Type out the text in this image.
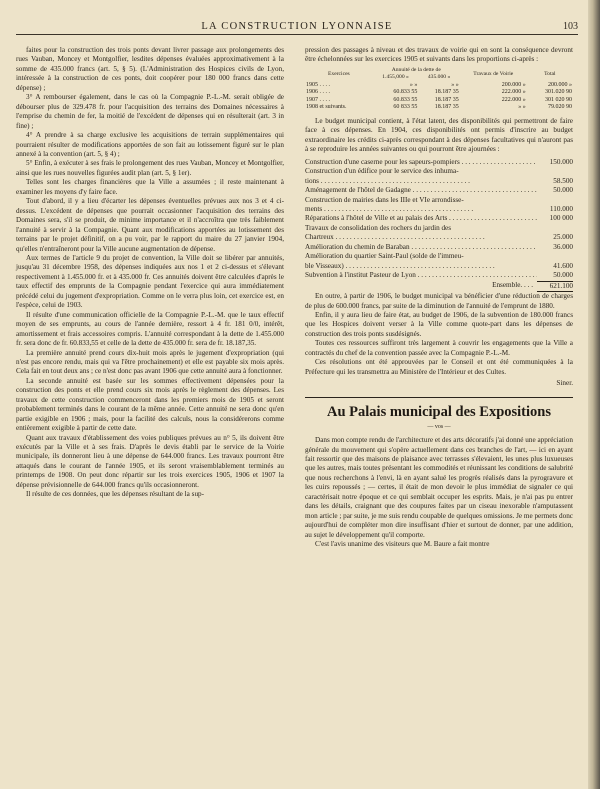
LA CONSTRUCTION LYONNAISE	103

faites pour la construction des trois ponts devant livrer passage aux prolongements des rues Vauban, Moncey et Montgolfier, lesdites dépenses évaluées approximativement à la somme de 435.000 francs (art. 5, § 5). (L'Administration des Hospices civils de Lyon, intéressée à la construction de ces ponts, doit coopérer pour 180 000 francs dans cette dépense) ;

3° A rembourser également, dans le cas où la Compagnie P.-L.-M. serait obligée de débourser plus de 329.478 fr. pour l'acquisition des terrains des Domaines nécessaires à l'emprise du chemin de fer, la moitié de l'excédent de dépenses qui en résulterait (art. 3 in fine) ;

4° A prendre à sa charge exclusive les acquisitions de terrain supplémentaires qui pourraient résulter de modifications apportées de son fait au lotissement figuré sur le plan annexé à la convention (art. 5, § 4) ;

5° Enfin, à exécuter à ses frais le prolongement des rues Vauban, Moncey et Montgolfier, ainsi que les rues nouvelles figurées audit plan (art. 5, § 1er).

Telles sont les charges financières que la Ville a assumées ; il reste maintenant à examiner les moyens d'y faire face.

Tout d'abord, il y a lieu d'écarter les dépenses éventuelles prévues aux nos 3 et 4 ci-dessus. L'excédent de dépenses que pourrait occasionner l'acquisition des terrains des Domaines sera, s'il se produit, de minime importance et il n'accroîtra que très faiblement l'annuité à servir à la Compagnie. Quant aux modifications apportées au lotissement des terrains par le projet définitif, on a pu voir, par le rapport du maire du 27 janvier 1904, qu'elles n'entraîneront pour la Ville aucune augmentation de dépense.

Aux termes de l'article 9 du projet de convention, la Ville doit se libérer par annuités, jusqu'au 31 décembre 1958, des dépenses indiquées aux nos 1 et 2 ci-dessus et s'élevant respectivement à 1.455.000 fr. et à 435.000 fr. Ces annuités doivent être calculées d'après le taux effectif des emprunts de la Compagnie pendant l'exercice qui aura immédiatement précédé celui du jugement d'expropriation. Comme on le verra plus loin, cet exercice est, en l'espèce, celui de 1903.

Il résulte d'une communication officielle de la Compagnie P.-L.-M. que le taux effectif moyen de ses emprunts, au cours de l'année dernière, ressort à 4 fr. 181 0/0, intérêt, amortissement et frais accessoires compris. L'annuité correspondant à la dette de 1.455.000 fr. sera donc de fr. 60.833,55 et celle de la dette de 435.000 fr. sera de fr. 18.187,35.

La première annuité prend cours dix-huit mois après le jugement d'expropriation (qui n'est pas encore rendu, mais qui va l'être prochainement) et elle est payable six mois après. Cela fait en tout deux ans ; ce n'est donc pas avant 1906 que cette annuité aura à fonctionner.

La seconde annuité est basée sur les sommes effectivement dépensées pour la construction des ponts et elle prend cours six mois après le règlement des dépenses. Les travaux de cette construction commenceront dans les premiers mois de 1905 et seront probablement terminés dans le courant de la même année. Cette annuité ne sera donc qu'en partie exigible en 1906 ; mais, pour la facilité des calculs, nous la considérerons comme entièrement exigible à partir de cette date.

Quant aux travaux d'établissement des voies publiques prévues au n° 5, ils doivent être exécutés par la Ville et à ses frais. D'après le devis établi par le service de la Voirie municipale, ils donneront lieu à une dépense de 644.000 francs. Les travaux pourront être attaqués dans le courant de l'année 1905, et ils seront vraisemblablement terminés au printemps de 1908. On peut donc répartir sur les trois exercices 1905, 1906 et 1907 la dépense prévisionnelle de 644.000 francs qu'ils occasionneront.

Il résulte de ces données, que les dépenses résultant de la sup-

pression des passages à niveau et des travaux de voirie qui en sont la conséquence devront être échelonnées sur les exercices 1905 et suivants dans les proportions ci-après :

Exercices	Annuité de la dette de		Travaux de Voirie	Total
	1.455,000 »	435.000 »		
1905 . . . .	» »	» »	200.000 »	200.000 »
1906 . . . .	60.833 55	18.187 35	222.000 »	301.020 90
1907 . . . .	60.833 55	18.187 35	222.000 »	301 020 90
1908 et suivants.	60 833 55	18.187 35	» »	79.020 90

Le budget municipal contient, à l'état latent, des disponibilités qui permettront de faire face à ces dépenses. En 1904, ces disponibilités ont permis d'inscrire au budget extraordinaire les crédits ci-après correspondant à des dépenses facultatives qui n'auront pas à se reproduire les années suivantes ou qui pourront être ajournées :

Construction d'une caserne pour les sapeurs-pompiers . . .	150.000
Construction d'un édifice pour le service des inhuma-
tions . . .	58.500
Aménagement de l'hôtel de Gadagne . . .	50.000
Construction de mairies dans les IIIe et VIe arrondisse-
ments . . .	110.000
Réparations à l'hôtel de Ville et au palais des Arts . . .	100 000
Travaux de consolidation des rochers du jardin des
Chartreux . . .	25.000
Amélioration du chemin de Baraban . . .	36.000
Amélioration du quartier Saint-Paul (solde de l'immeu-
ble Visseaux) . . .	41.600
Subvention à l'institut Pasteur de Lyon . . .	50.000
Ensemble. . . .	621.100

En outre, à partir de 1906, le budget municipal va bénéficier d'une réduction de charges de plus de 600.000 francs, par suite de la diminution de l'annuité de l'emprunt de 1880.

Enfin, il y aura lieu de faire état, au budget de 1906, de la subvention de 180.000 francs que les Hospices doivent verser à la Ville comme quote-part dans les dépenses de construction des trois ponts susdésignés.

Toutes ces ressources suffiront très largement à couvrir les engagements que la Ville a contractés du chef de la convention passée avec la Compagnie P.-L.-M.

Ces résolutions ont été approuvées par le Conseil et ont été communiquées à la Préfecture qui les transmettra au Ministère de l'Intérieur et des Cultes.

Siner.

Au Palais municipal des Expositions
— vos —

Dans mon compte rendu de l'architecture et des arts décoratifs j'ai donné une appréciation générale du mouvement qui s'opère actuellement dans ces branches de l'art, — ici en ayant fait ressortir que des maisons de plaisance avec terrasses s'élevaient, les unes plus luxueuses que les autres, mais toutes présentant les commodités et réunissant les conditions de salubrité que nous recherchons à l'envi, là en ayant salué les progrès réalisés dans la pyrogravure et les cuirs repoussés ; — certes, il était de mon devoir le plus immédiat de signaler ce qui caractérisait notre époque et ce qui semblait occuper les esprits. Mais, je n'ai pas pu entrer dans les détails, craignant que des coupures faites par un ciseau inexorable n'amputassent mon article ; par suite, je me suis rendu coupable de quelques omissions. Je me permets donc aujourd'hui de compléter mon dire insuffisant d'hier et surtout de donner, par une addition, au sujet le développement qu'il comporte.

C'est l'avis unanime des visiteurs que M. Baure a fait montre
